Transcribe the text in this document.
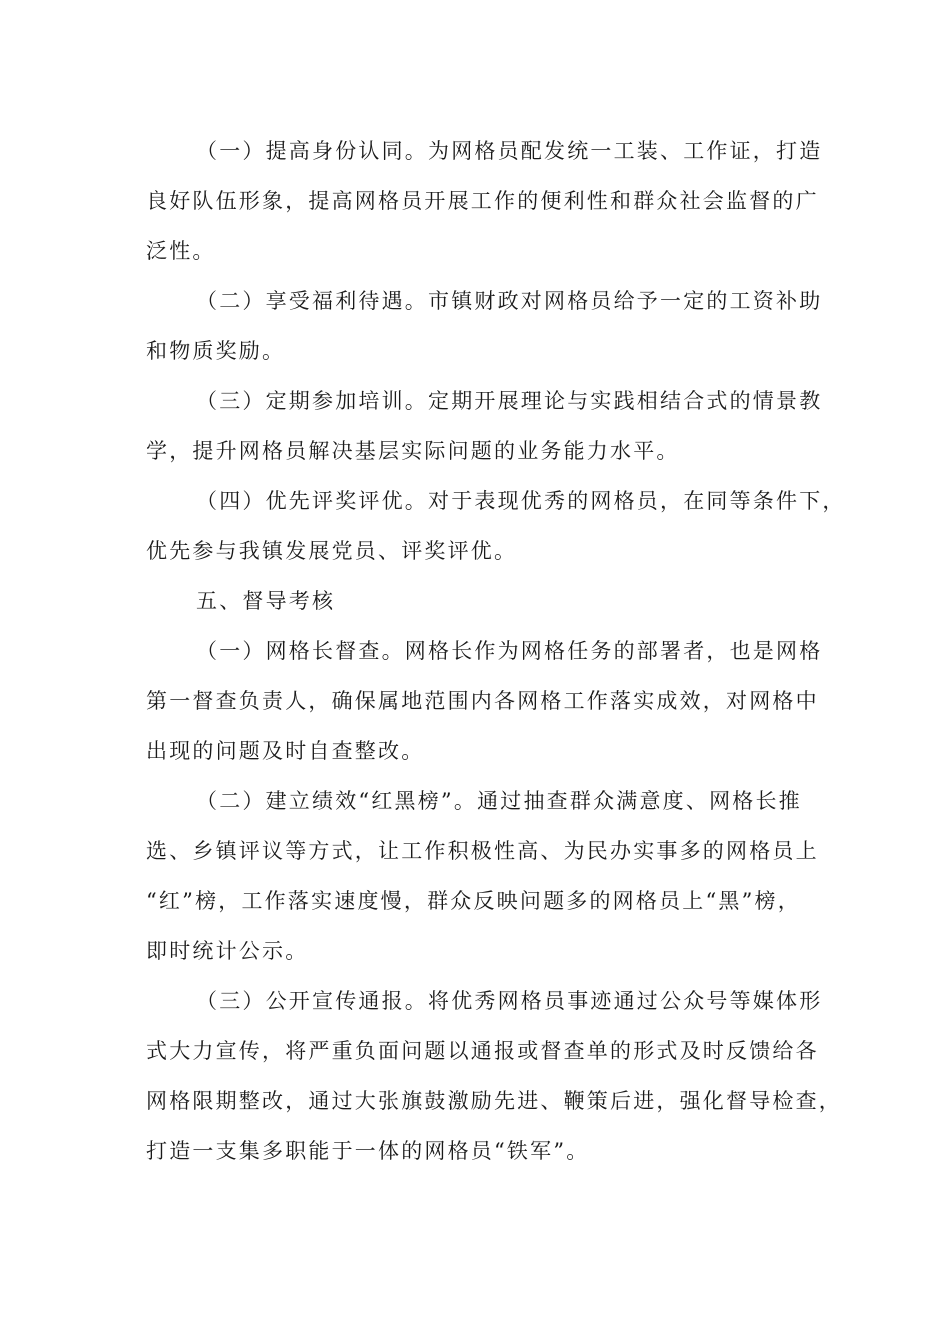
（一）提高身份认同。为网格员配发统一工装、工作证，打造
良好队伍形象，提高网格员开展工作的便利性和群众社会监督的广
泛性。
（二）享受福利待遇。市镇财政对网格员给予一定的工资补助
和物质奖励。
（三）定期参加培训。定期开展理论与实践相结合式的情景教
学，提升网格员解决基层实际问题的业务能力水平。
（四）优先评奖评优。对于表现优秀的网格员，在同等条件下，
优先参与我镇发展党员、评奖评优。
五、督导考核
（一）网格长督查。网格长作为网格任务的部署者，也是网格
第一督查负责人，确保属地范围内各网格工作落实成效，对网格中
出现的问题及时自查整改。
（二）建立绩效“红黑榜”。通过抽查群众满意度、网格长推
选、乡镇评议等方式，让工作积极性高、为民办实事多的网格员上
“红”榜，工作落实速度慢，群众反映问题多的网格员上“黑”榜，
即时统计公示。
（三）公开宣传通报。将优秀网格员事迹通过公众号等媒体形
式大力宣传，将严重负面问题以通报或督查单的形式及时反馈给各
网格限期整改，通过大张旗鼓激励先进、鞭策后进，强化督导检查，
打造一支集多职能于一体的网格员“铁军”。
